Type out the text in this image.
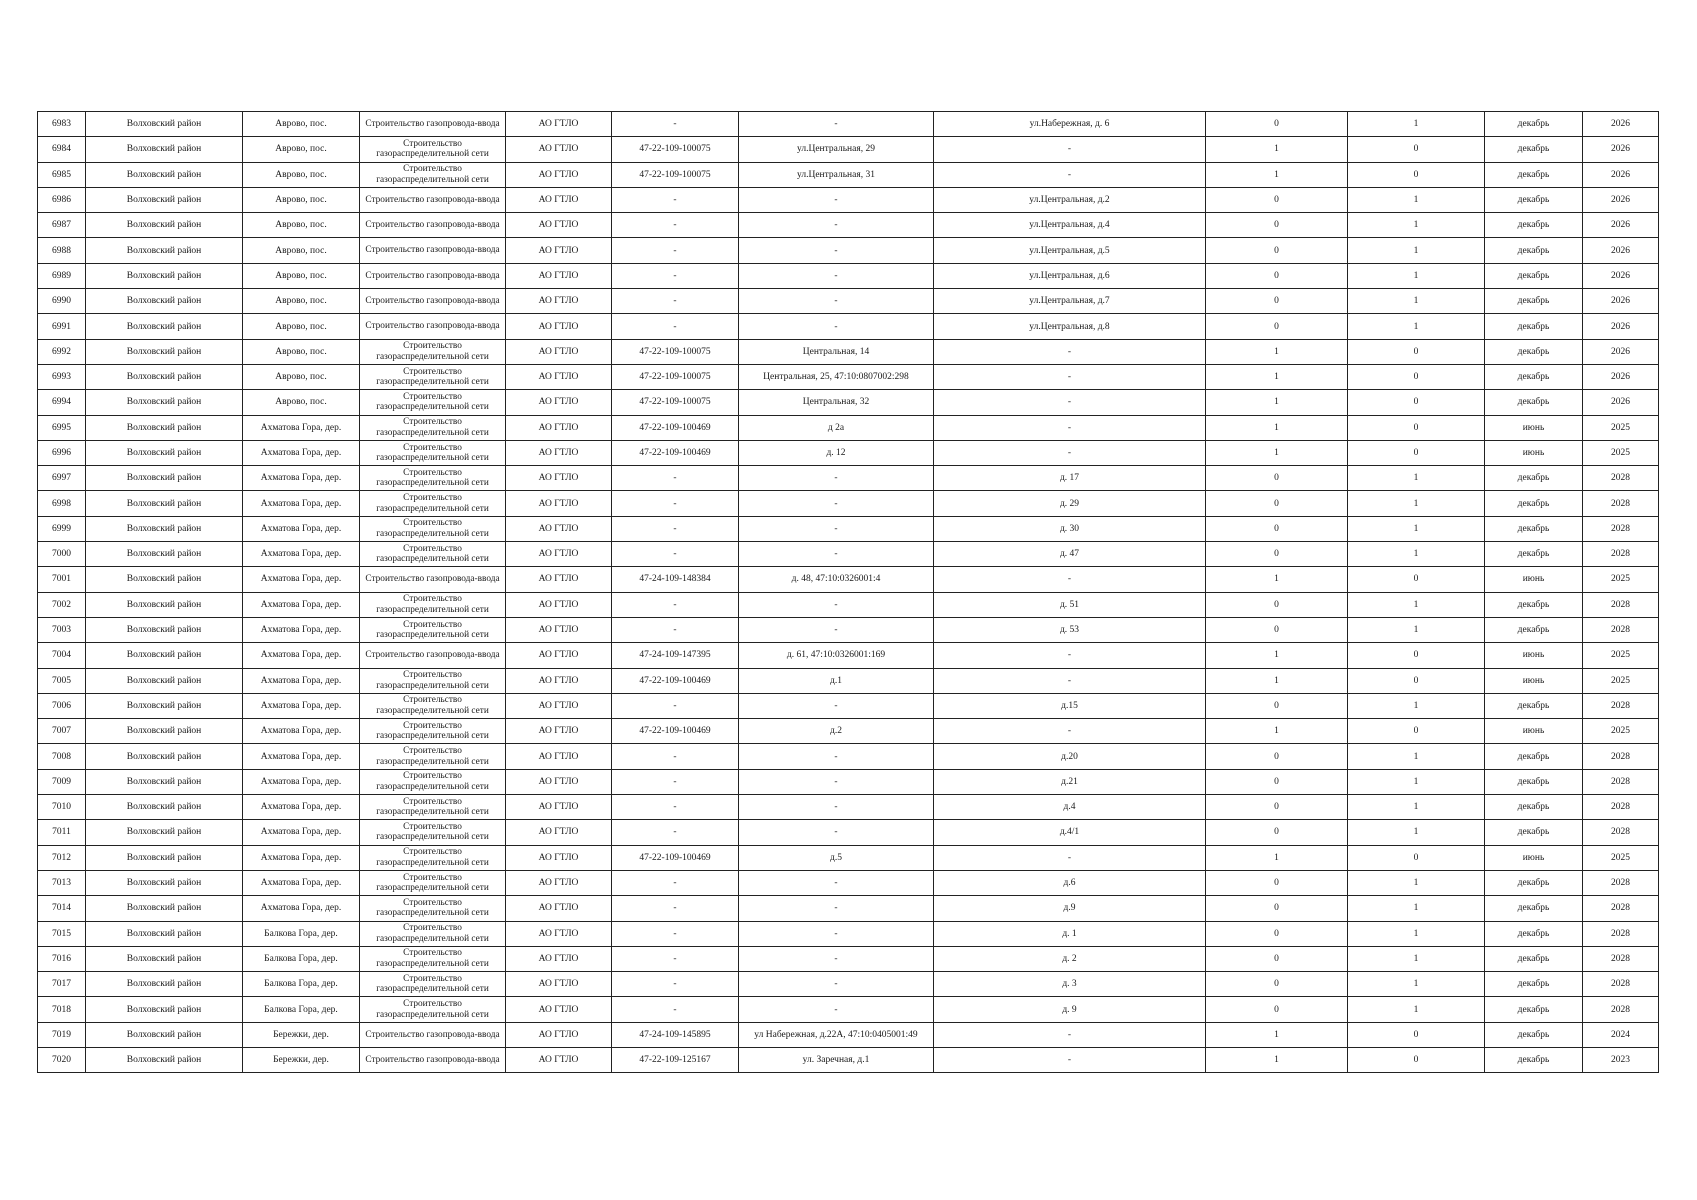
6983	Волховский район	Аврово, пос.	Строительство газопровода-ввода	АО ГТЛО	-	-	ул.Набережная, д. 6	0	1	декабрь	2026
6984	Волховский район	Аврово, пос.	Строительство газораспределительной сети	АО ГТЛО	47-22-109-100075	ул.Центральная, 29	-	1	0	декабрь	2026
6985	Волховский район	Аврово, пос.	Строительство газораспределительной сети	АО ГТЛО	47-22-109-100075	ул.Центральная, 31	-	1	0	декабрь	2026
6986	Волховский район	Аврово, пос.	Строительство газопровода-ввода	АО ГТЛО	-	-	ул.Центральная, д.2	0	1	декабрь	2026
6987	Волховский район	Аврово, пос.	Строительство газопровода-ввода	АО ГТЛО	-	-	ул.Центральная, д.4	0	1	декабрь	2026
6988	Волховский район	Аврово, пос.	Строительство газопровода-ввода	АО ГТЛО	-	-	ул.Центральная, д.5	0	1	декабрь	2026
6989	Волховский район	Аврово, пос.	Строительство газопровода-ввода	АО ГТЛО	-	-	ул.Центральная, д.6	0	1	декабрь	2026
6990	Волховский район	Аврово, пос.	Строительство газопровода-ввода	АО ГТЛО	-	-	ул.Центральная, д.7	0	1	декабрь	2026
6991	Волховский район	Аврово, пос.	Строительство газопровода-ввода	АО ГТЛО	-	-	ул.Центральная, д.8	0	1	декабрь	2026
6992	Волховский район	Аврово, пос.	Строительство газораспределительной сети	АО ГТЛО	47-22-109-100075	Центральная, 14	-	1	0	декабрь	2026
6993	Волховский район	Аврово, пос.	Строительство газораспределительной сети	АО ГТЛО	47-22-109-100075	Центральная, 25, 47:10:0807002:298	-	1	0	декабрь	2026
6994	Волховский район	Аврово, пос.	Строительство газораспределительной сети	АО ГТЛО	47-22-109-100075	Центральная, 32	-	1	0	декабрь	2026
6995	Волховский район	Ахматова Гора, дер.	Строительство газораспределительной сети	АО ГТЛО	47-22-109-100469	д 2а	-	1	0	июнь	2025
6996	Волховский район	Ахматова Гора, дер.	Строительство газораспределительной сети	АО ГТЛО	47-22-109-100469	д. 12	-	1	0	июнь	2025
6997	Волховский район	Ахматова Гора, дер.	Строительство газораспределительной сети	АО ГТЛО	-	-	д. 17	0	1	декабрь	2028
6998	Волховский район	Ахматова Гора, дер.	Строительство газораспределительной сети	АО ГТЛО	-	-	д. 29	0	1	декабрь	2028
6999	Волховский район	Ахматова Гора, дер.	Строительство газораспределительной сети	АО ГТЛО	-	-	д. 30	0	1	декабрь	2028
7000	Волховский район	Ахматова Гора, дер.	Строительство газораспределительной сети	АО ГТЛО	-	-	д. 47	0	1	декабрь	2028
7001	Волховский район	Ахматова Гора, дер.	Строительство газопровода-ввода	АО ГТЛО	47-24-109-148384	д. 48, 47:10:0326001:4	-	1	0	июнь	2025
7002	Волховский район	Ахматова Гора, дер.	Строительство газораспределительной сети	АО ГТЛО	-	-	д. 51	0	1	декабрь	2028
7003	Волховский район	Ахматова Гора, дер.	Строительство газораспределительной сети	АО ГТЛО	-	-	д. 53	0	1	декабрь	2028
7004	Волховский район	Ахматова Гора, дер.	Строительство газопровода-ввода	АО ГТЛО	47-24-109-147395	д. 61, 47:10:0326001:169	-	1	0	июнь	2025
7005	Волховский район	Ахматова Гора, дер.	Строительство газораспределительной сети	АО ГТЛО	47-22-109-100469	д.1	-	1	0	июнь	2025
7006	Волховский район	Ахматова Гора, дер.	Строительство газораспределительной сети	АО ГТЛО	-	-	д.15	0	1	декабрь	2028
7007	Волховский район	Ахматова Гора, дер.	Строительство газораспределительной сети	АО ГТЛО	47-22-109-100469	д.2	-	1	0	июнь	2025
7008	Волховский район	Ахматова Гора, дер.	Строительство газораспределительной сети	АО ГТЛО	-	-	д.20	0	1	декабрь	2028
7009	Волховский район	Ахматова Гора, дер.	Строительство газораспределительной сети	АО ГТЛО	-	-	д.21	0	1	декабрь	2028
7010	Волховский район	Ахматова Гора, дер.	Строительство газораспределительной сети	АО ГТЛО	-	-	д.4	0	1	декабрь	2028
7011	Волховский район	Ахматова Гора, дер.	Строительство газораспределительной сети	АО ГТЛО	-	-	д.4/1	0	1	декабрь	2028
7012	Волховский район	Ахматова Гора, дер.	Строительство газораспределительной сети	АО ГТЛО	47-22-109-100469	д.5	-	1	0	июнь	2025
7013	Волховский район	Ахматова Гора, дер.	Строительство газораспределительной сети	АО ГТЛО	-	-	д.6	0	1	декабрь	2028
7014	Волховский район	Ахматова Гора, дер.	Строительство газораспределительной сети	АО ГТЛО	-	-	д.9	0	1	декабрь	2028
7015	Волховский район	Балкова Гора, дер.	Строительство газораспределительной сети	АО ГТЛО	-	-	д. 1	0	1	декабрь	2028
7016	Волховский район	Балкова Гора, дер.	Строительство газораспределительной сети	АО ГТЛО	-	-	д. 2	0	1	декабрь	2028
7017	Волховский район	Балкова Гора, дер.	Строительство газораспределительной сети	АО ГТЛО	-	-	д. 3	0	1	декабрь	2028
7018	Волховский район	Балкова Гора, дер.	Строительство газораспределительной сети	АО ГТЛО	-	-	д. 9	0	1	декабрь	2028
7019	Волховский район	Бережки, дер.	Строительство газопровода-ввода	АО ГТЛО	47-24-109-145895	ул Набережная, д.22А, 47:10:0405001:49	-	1	0	декабрь	2024
7020	Волховский район	Бережки, дер.	Строительство газопровода-ввода	АО ГТЛО	47-22-109-125167	ул. Заречная, д.1	-	1	0	декабрь	2023
